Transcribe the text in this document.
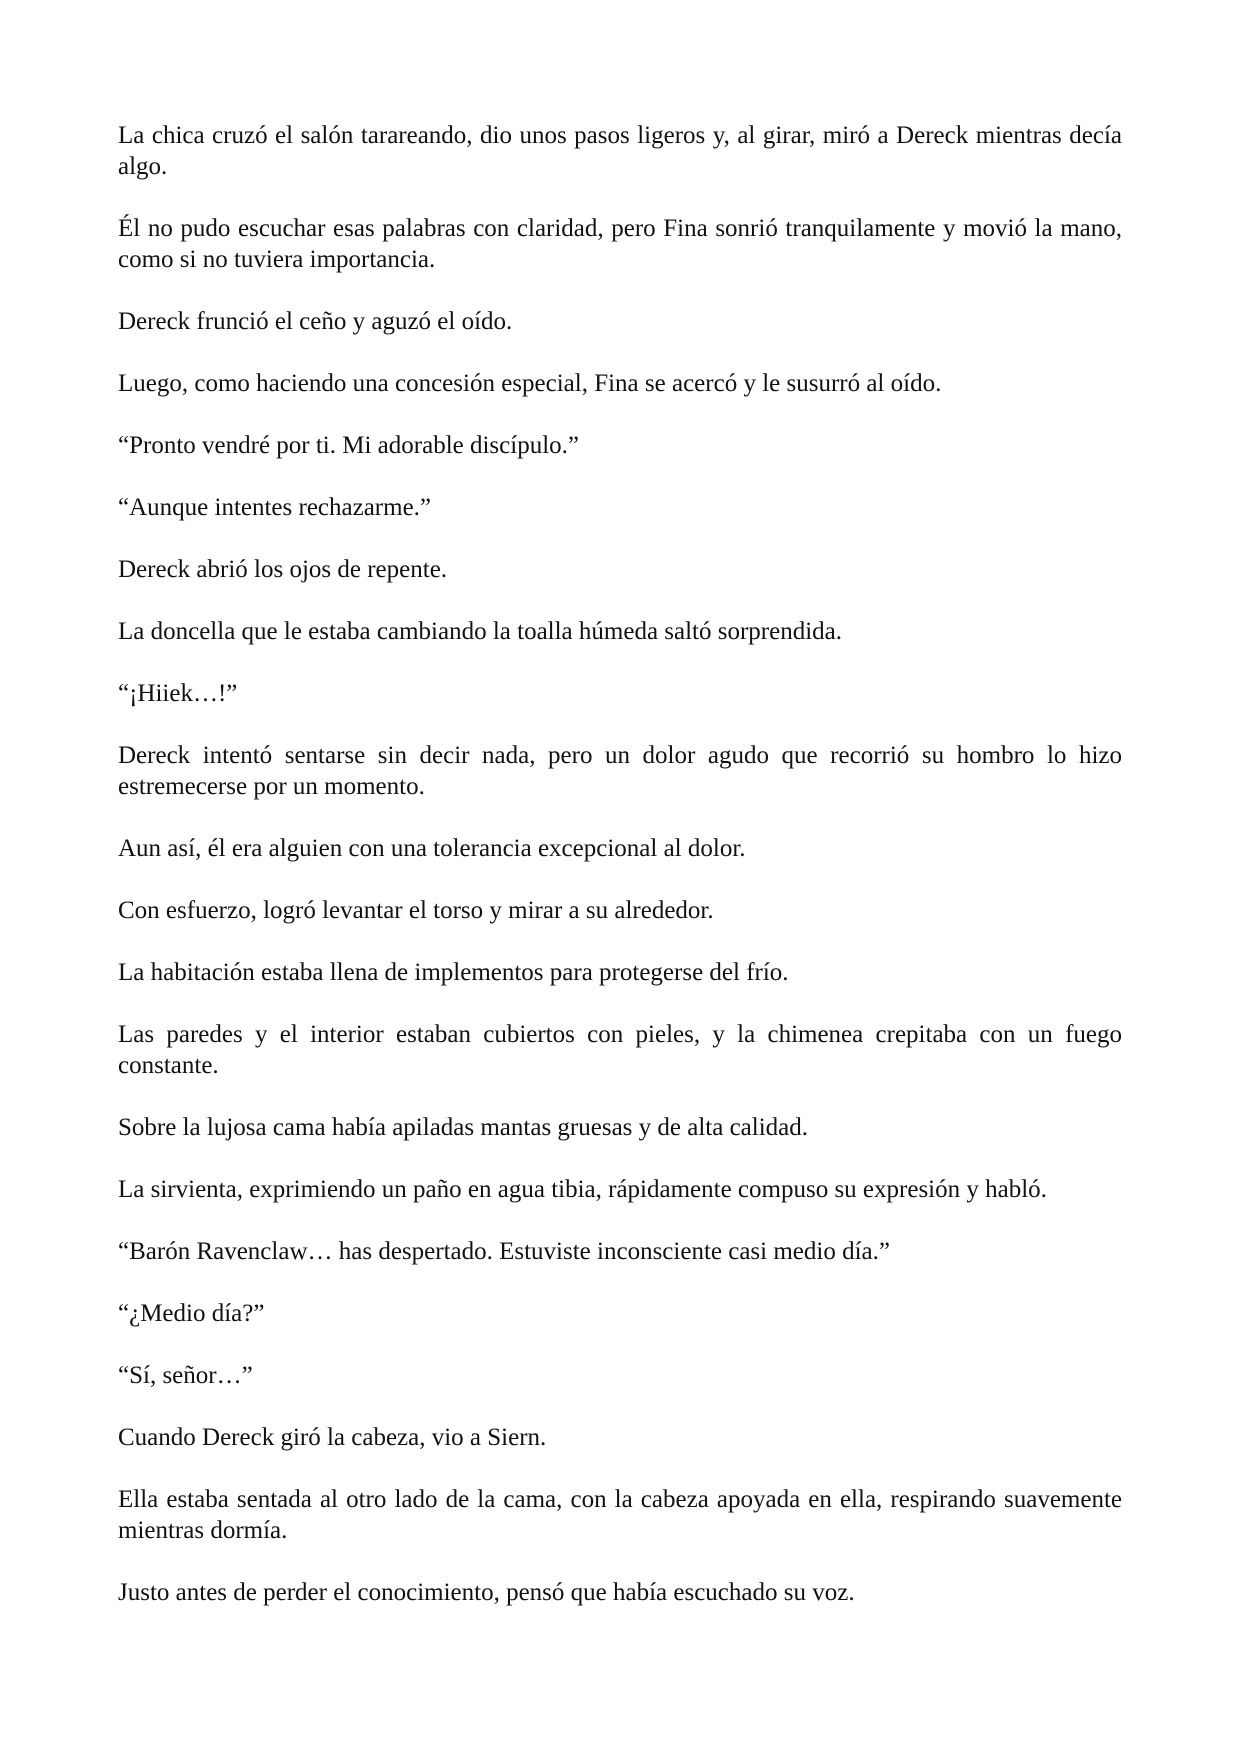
La chica cruzó el salón tarareando, dio unos pasos ligeros y, al girar, miró a Dereck mientras decía algo.

Él no pudo escuchar esas palabras con claridad, pero Fina sonrió tranquilamente y movió la mano, como si no tuviera importancia.

Dereck frunció el ceño y aguzó el oído.

Luego, como haciendo una concesión especial, Fina se acercó y le susurró al oído.

“Pronto vendré por ti. Mi adorable discípulo.”

“Aunque intentes rechazarme.”

Dereck abrió los ojos de repente.

La doncella que le estaba cambiando la toalla húmeda saltó sorprendida.

“¡Hiiek…!”

Dereck intentó sentarse sin decir nada, pero un dolor agudo que recorrió su hombro lo hizo estremecerse por un momento.

Aun así, él era alguien con una tolerancia excepcional al dolor.

Con esfuerzo, logró levantar el torso y mirar a su alrededor.

La habitación estaba llena de implementos para protegerse del frío.

Las paredes y el interior estaban cubiertos con pieles, y la chimenea crepitaba con un fuego constante.

Sobre la lujosa cama había apiladas mantas gruesas y de alta calidad.

La sirvienta, exprimiendo un paño en agua tibia, rápidamente compuso su expresión y habló.

“Barón Ravenclaw… has despertado. Estuviste inconsciente casi medio día.”

“¿Medio día?”

“Sí, señor…”

Cuando Dereck giró la cabeza, vio a Siern.

Ella estaba sentada al otro lado de la cama, con la cabeza apoyada en ella, respirando suavemente mientras dormía.

Justo antes de perder el conocimiento, pensó que había escuchado su voz.
